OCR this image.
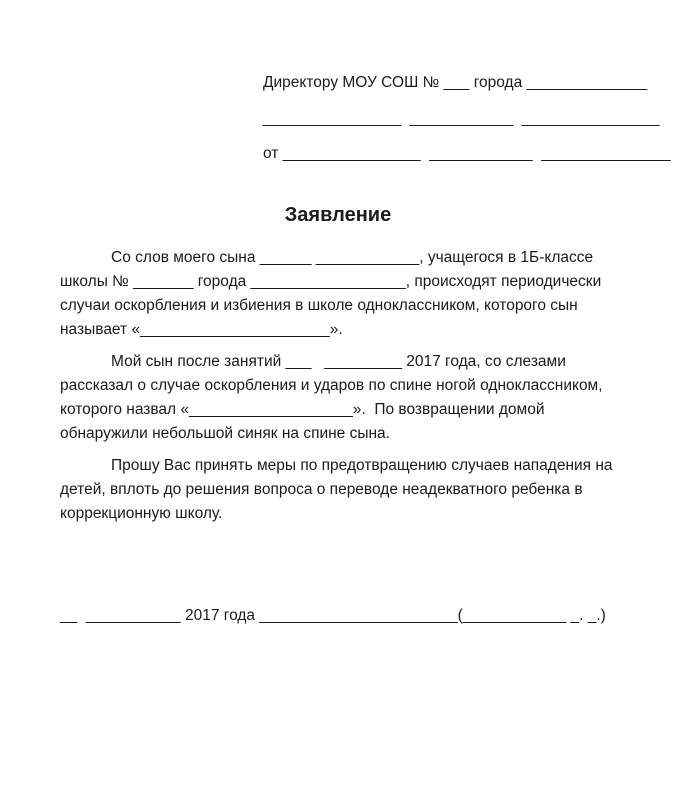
Директору МОУ СОШ № ___ города ______________
________________  ____________  ________________
от ________________  ____________  _______________
Заявление
Со слов моего сына ______ ____________, учащегося в 1Б-классе
школы № _______ города __________________, происходят периодически
случаи оскорбления и избиения в школе одноклассником, которого сын
называет «______________________».
Мой сын после занятий ___   _________ 2017 года, со слезами
рассказал о случае оскорбления и ударов по спине ногой одноклассником,
которого назвал «___________________».  По возвращении домой
обнаружили небольшой синяк на спине сына.
Прошу Вас принять меры по предотвращению случаев нападения на
детей, вплоть до решения вопроса о переводе неадекватного ребенка в
коррекционную школу.
__  ___________ 2017 года _______________________(____________ _. _.)
